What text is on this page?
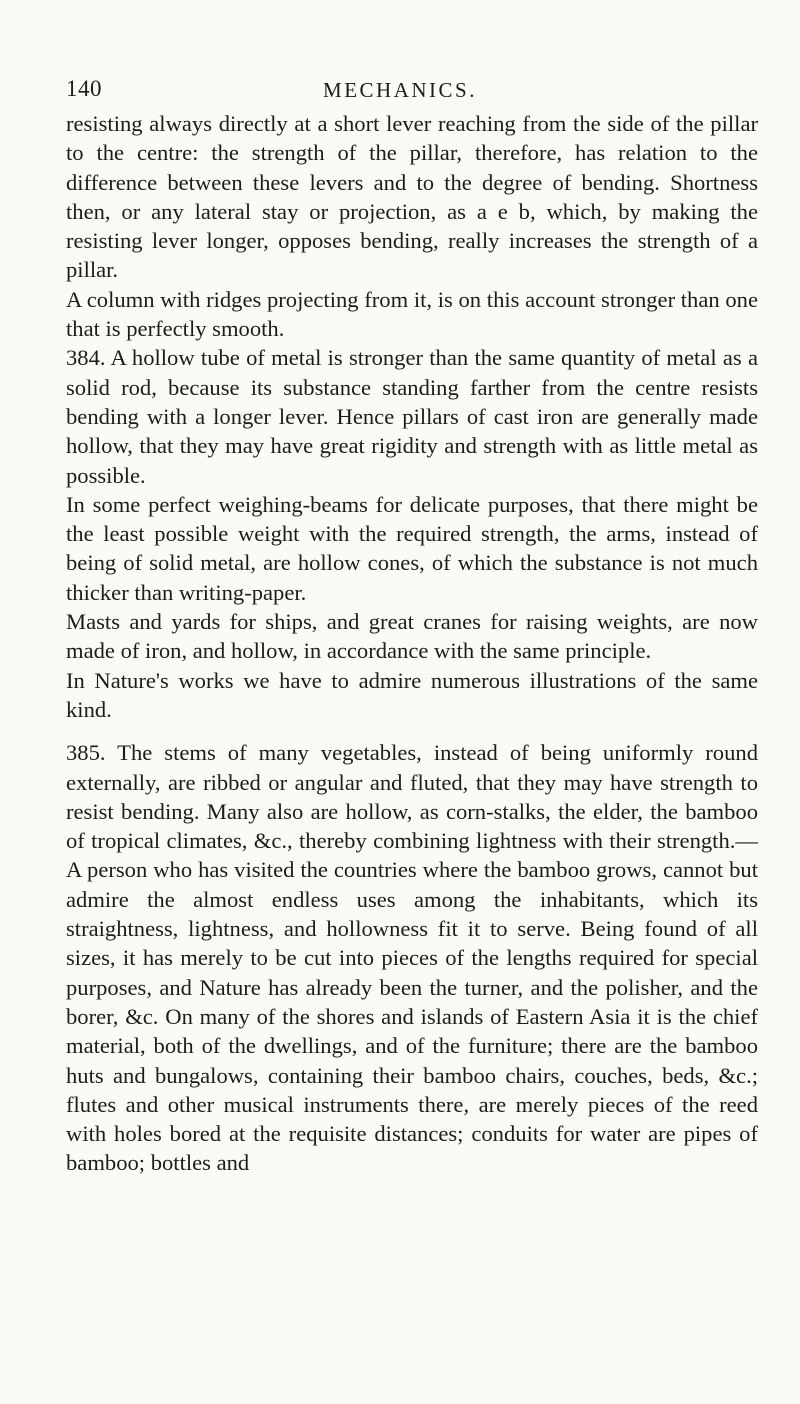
140	MECHANICS.

resisting always directly at a short lever reaching from the side of the pillar to the centre: the strength of the pillar, therefore, has relation to the difference between these levers and to the degree of bending. Shortness then, or any lateral stay or projection, as a e b, which, by making the resisting lever longer, opposes bending, really increases the strength of a pillar.

A column with ridges projecting from it, is on this account stronger than one that is perfectly smooth.

384. A hollow tube of metal is stronger than the same quantity of metal as a solid rod, because its substance standing farther from the centre resists bending with a longer lever. Hence pillars of cast iron are generally made hollow, that they may have great rigidity and strength with as little metal as possible.

In some perfect weighing-beams for delicate purposes, that there might be the least possible weight with the required strength, the arms, instead of being of solid metal, are hollow cones, of which the substance is not much thicker than writing-paper.

Masts and yards for ships, and great cranes for raising weights, are now made of iron, and hollow, in accordance with the same principle.

In Nature's works we have to admire numerous illustrations of the same kind.

385. The stems of many vegetables, instead of being uniformly round externally, are ribbed or angular and fluted, that they may have strength to resist bending. Many also are hollow, as corn-stalks, the elder, the bamboo of tropical climates, &c., thereby combining lightness with their strength.—A person who has visited the countries where the bamboo grows, cannot but admire the almost endless uses among the inhabitants, which its straightness, lightness, and hollowness fit it to serve. Being found of all sizes, it has merely to be cut into pieces of the lengths required for special purposes, and Nature has already been the turner, and the polisher, and the borer, &c. On many of the shores and islands of Eastern Asia it is the chief material, both of the dwellings, and of the furniture; there are the bamboo huts and bungalows, containing their bamboo chairs, couches, beds, &c.; flutes and other musical instruments there, are merely pieces of the reed with holes bored at the requisite distances; conduits for water are pipes of bamboo; bottles and
